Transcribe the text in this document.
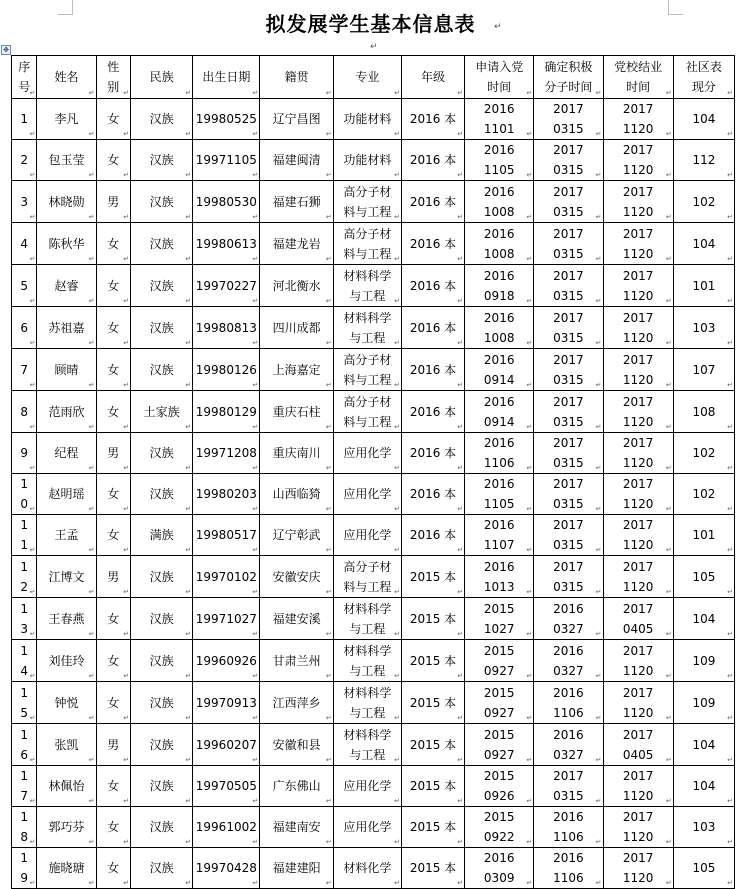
拟发展学生基本信息表	↵
↵
✥
序
号 ↵	姓名 ↵	性
别 ↵	民族 ↵	出生日期 ↵	籍贯 ↵	专业 ↵	年级 ↵	申请入党
时间 ↵	确定积极
分子时间 ↵	党校结业
时间 ↵	社区表
现分 ↵
1 ↵	李凡 ↵	女 ↵	汉族 ↵	19980525 ↵	辽宁昌图 ↵	功能材料 ↵	2016 本 ↵	2016
1101 ↵	2017
0315 ↵	2017
1120 ↵	104 ↵
2 ↵	包玉莹 ↵	女 ↵	汉族 ↵	19971105 ↵	福建闽清 ↵	功能材料 ↵	2016 本 ↵	2016
1105 ↵	2017
0315 ↵	2017
1120 ↵	112 ↵
3 ↵	林晓勋 ↵	男 ↵	汉族 ↵	19980530 ↵	福建石狮 ↵	高分子材
料与工程 ↵	2016 本 ↵	2016
1008 ↵	2017
0315 ↵	2017
1120 ↵	102 ↵
4 ↵	陈秋华 ↵	女 ↵	汉族 ↵	19980613 ↵	福建龙岩 ↵	高分子材
料与工程 ↵	2016 本 ↵	2016
1008 ↵	2017
0315 ↵	2017
1120 ↵	104 ↵
5 ↵	赵睿 ↵	女 ↵	汉族 ↵	19970227 ↵	河北衡水 ↵	材料科学
与工程 ↵	2016 本 ↵	2016
0918 ↵	2017
0315 ↵	2017
1120 ↵	101 ↵
6 ↵	苏祖嘉 ↵	女 ↵	汉族 ↵	19980813 ↵	四川成都 ↵	材料科学
与工程 ↵	2016 本 ↵	2016
1008 ↵	2017
0315 ↵	2017
1120 ↵	103 ↵
7 ↵	顾晴 ↵	女 ↵	汉族 ↵	19980126 ↵	上海嘉定 ↵	高分子材
料与工程 ↵	2016 本 ↵	2016
0914 ↵	2017
0315 ↵	2017
1120 ↵	107 ↵
8 ↵	范雨欣 ↵	女 ↵	土家族 ↵	19980129 ↵	重庆石柱 ↵	高分子材
料与工程 ↵	2016 本 ↵	2016
0914 ↵	2017
0315 ↵	2017
1120 ↵	108 ↵
9 ↵	纪程 ↵	男 ↵	汉族 ↵	19971208 ↵	重庆南川 ↵	应用化学 ↵	2016 本 ↵	2016
1106 ↵	2017
0315 ↵	2017
1120 ↵	102 ↵
1
0 ↵	赵明瑶 ↵	女 ↵	汉族 ↵	19980203 ↵	山西临猗 ↵	应用化学 ↵	2016 本 ↵	2016
1105 ↵	2017
0315 ↵	2017
1120 ↵	102 ↵
1
1 ↵	王孟 ↵	女 ↵	满族 ↵	19980517 ↵	辽宁彰武 ↵	应用化学 ↵	2016 本 ↵	2016
1107 ↵	2017
0315 ↵	2017
1120 ↵	101 ↵
1
2 ↵	江博文 ↵	男 ↵	汉族 ↵	19970102 ↵	安徽安庆 ↵	高分子材
料与工程 ↵	2015 本 ↵	2016
1013 ↵	2017
0315 ↵	2017
1120 ↵	105 ↵
1
3 ↵	王春燕 ↵	女 ↵	汉族 ↵	19971027 ↵	福建安溪 ↵	材料科学
与工程 ↵	2015 本 ↵	2015
1027 ↵	2016
0327 ↵	2017
0405 ↵	104 ↵
1
4 ↵	刘佳玲 ↵	女 ↵	汉族 ↵	19960926 ↵	甘肃兰州 ↵	材料科学
与工程 ↵	2015 本 ↵	2015
0927 ↵	2016
0327 ↵	2017
1120 ↵	109 ↵
1
5 ↵	钟悦 ↵	女 ↵	汉族 ↵	19970913 ↵	江西萍乡 ↵	材料科学
与工程 ↵	2015 本 ↵	2015
0927 ↵	2016
1106 ↵	2017
1120 ↵	109 ↵
1
6 ↵	张凯 ↵	男 ↵	汉族 ↵	19960207 ↵	安徽和县 ↵	材料科学
与工程 ↵	2015 本 ↵	2015
0927 ↵	2016
0327 ↵	2017
0405 ↵	104 ↵
1
7 ↵	林佩怡 ↵	女 ↵	汉族 ↵	19970505 ↵	广东佛山 ↵	应用化学 ↵	2015 本 ↵	2015
0926 ↵	2017
0315 ↵	2017
1120 ↵	104 ↵
1
8 ↵	郭巧芬 ↵	女 ↵	汉族 ↵	19961002 ↵	福建南安 ↵	应用化学 ↵	2015 本 ↵	2015
0922 ↵	2016
1106 ↵	2017
1120 ↵	103 ↵
1
9 ↵	施晓瑭 ↵	女 ↵	汉族 ↵	19970428 ↵	福建建阳 ↵	材料化学 ↵	2015 本 ↵	2016
0309 ↵	2016
1106 ↵	2017
1120 ↵	105 ↵
